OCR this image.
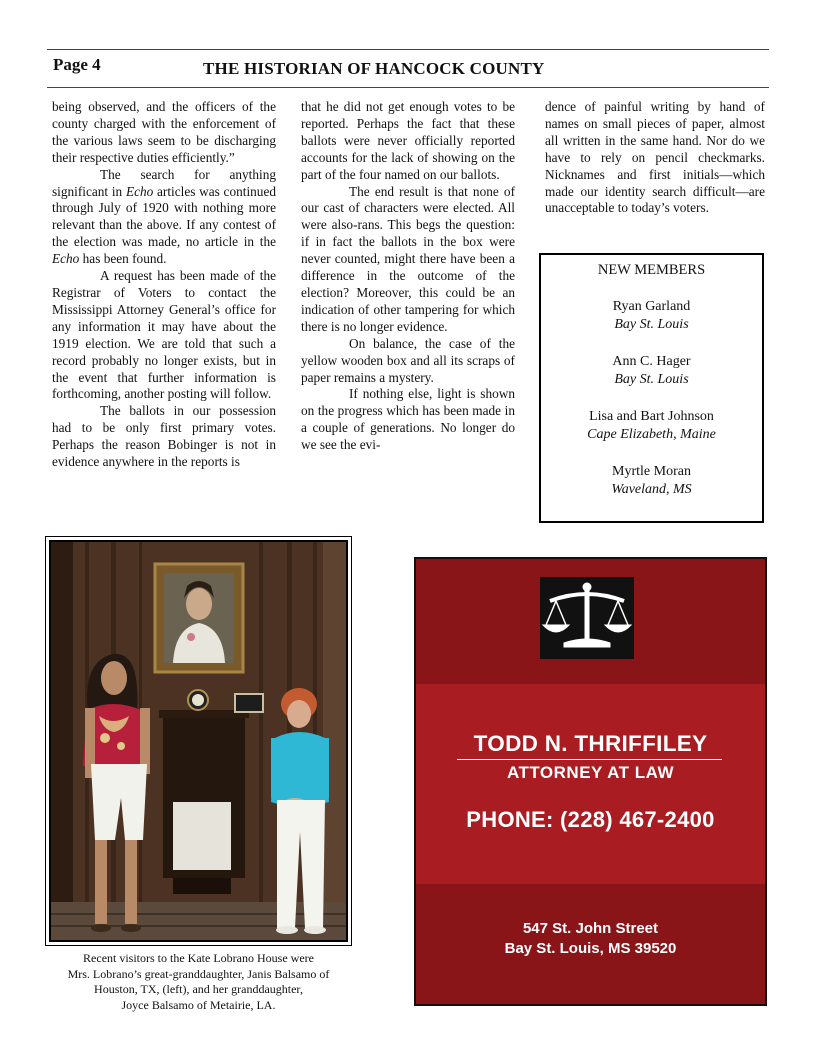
Page 4	THE HISTORIAN OF HANCOCK COUNTY

being observed, and the officers of the county charged with the enforcement of the various laws seem to be discharging their respective duties efficiently.”

The search for anything significant in Echo articles was continued through July of 1920 with nothing more relevant than the above. If any contest of the election was made, no article in the Echo has been found.

A request has been made of the Registrar of Voters to contact the Mississippi Attorney General’s office for any information it may have about the 1919 election. We are told that such a record probably no longer exists, but in the event that further information is forthcoming, another posting will follow.

The ballots in our possession had to be only first primary votes. Perhaps the reason Bobinger is not in evidence anywhere in the reports is

that he did not get enough votes to be reported. Perhaps the fact that these ballots were never officially reported accounts for the lack of showing on the part of the four named on our ballots.

The end result is that none of our cast of characters were elected. All were also-rans. This begs the question: if in fact the ballots in the box were never counted, might there have been a difference in the outcome of the election? Moreover, this could be an indication of other tampering for which there is no longer evidence.

On balance, the case of the yellow wooden box and all its scraps of paper remains a mystery.

If nothing else, light is shown on the progress which has been made in a couple of generations. No longer do we see the evi-

dence of painful writing by hand of names on small pieces of paper, almost all written in the same hand. Nor do we have to rely on pencil checkmarks. Nicknames and first initials—which made our identity search difficult—are unacceptable to today’s voters.

NEW MEMBERS
Ryan Garland
Bay St. Louis
Ann C. Hager
Bay St. Louis
Lisa and Bart Johnson
Cape Elizabeth, Maine
Myrtle Moran
Waveland, MS
Recent visitors to the Kate Lobrano House were
Mrs. Lobrano’s great-granddaughter, Janis Balsamo of
Houston, TX, (left), and her granddaughter,
Joyce Balsamo of Metairie, LA.
TODD N. THRIFFILEY
ATTORNEY AT LAW
PHONE: (228) 467-2400
547 St. John Street
Bay St. Louis, MS 39520
